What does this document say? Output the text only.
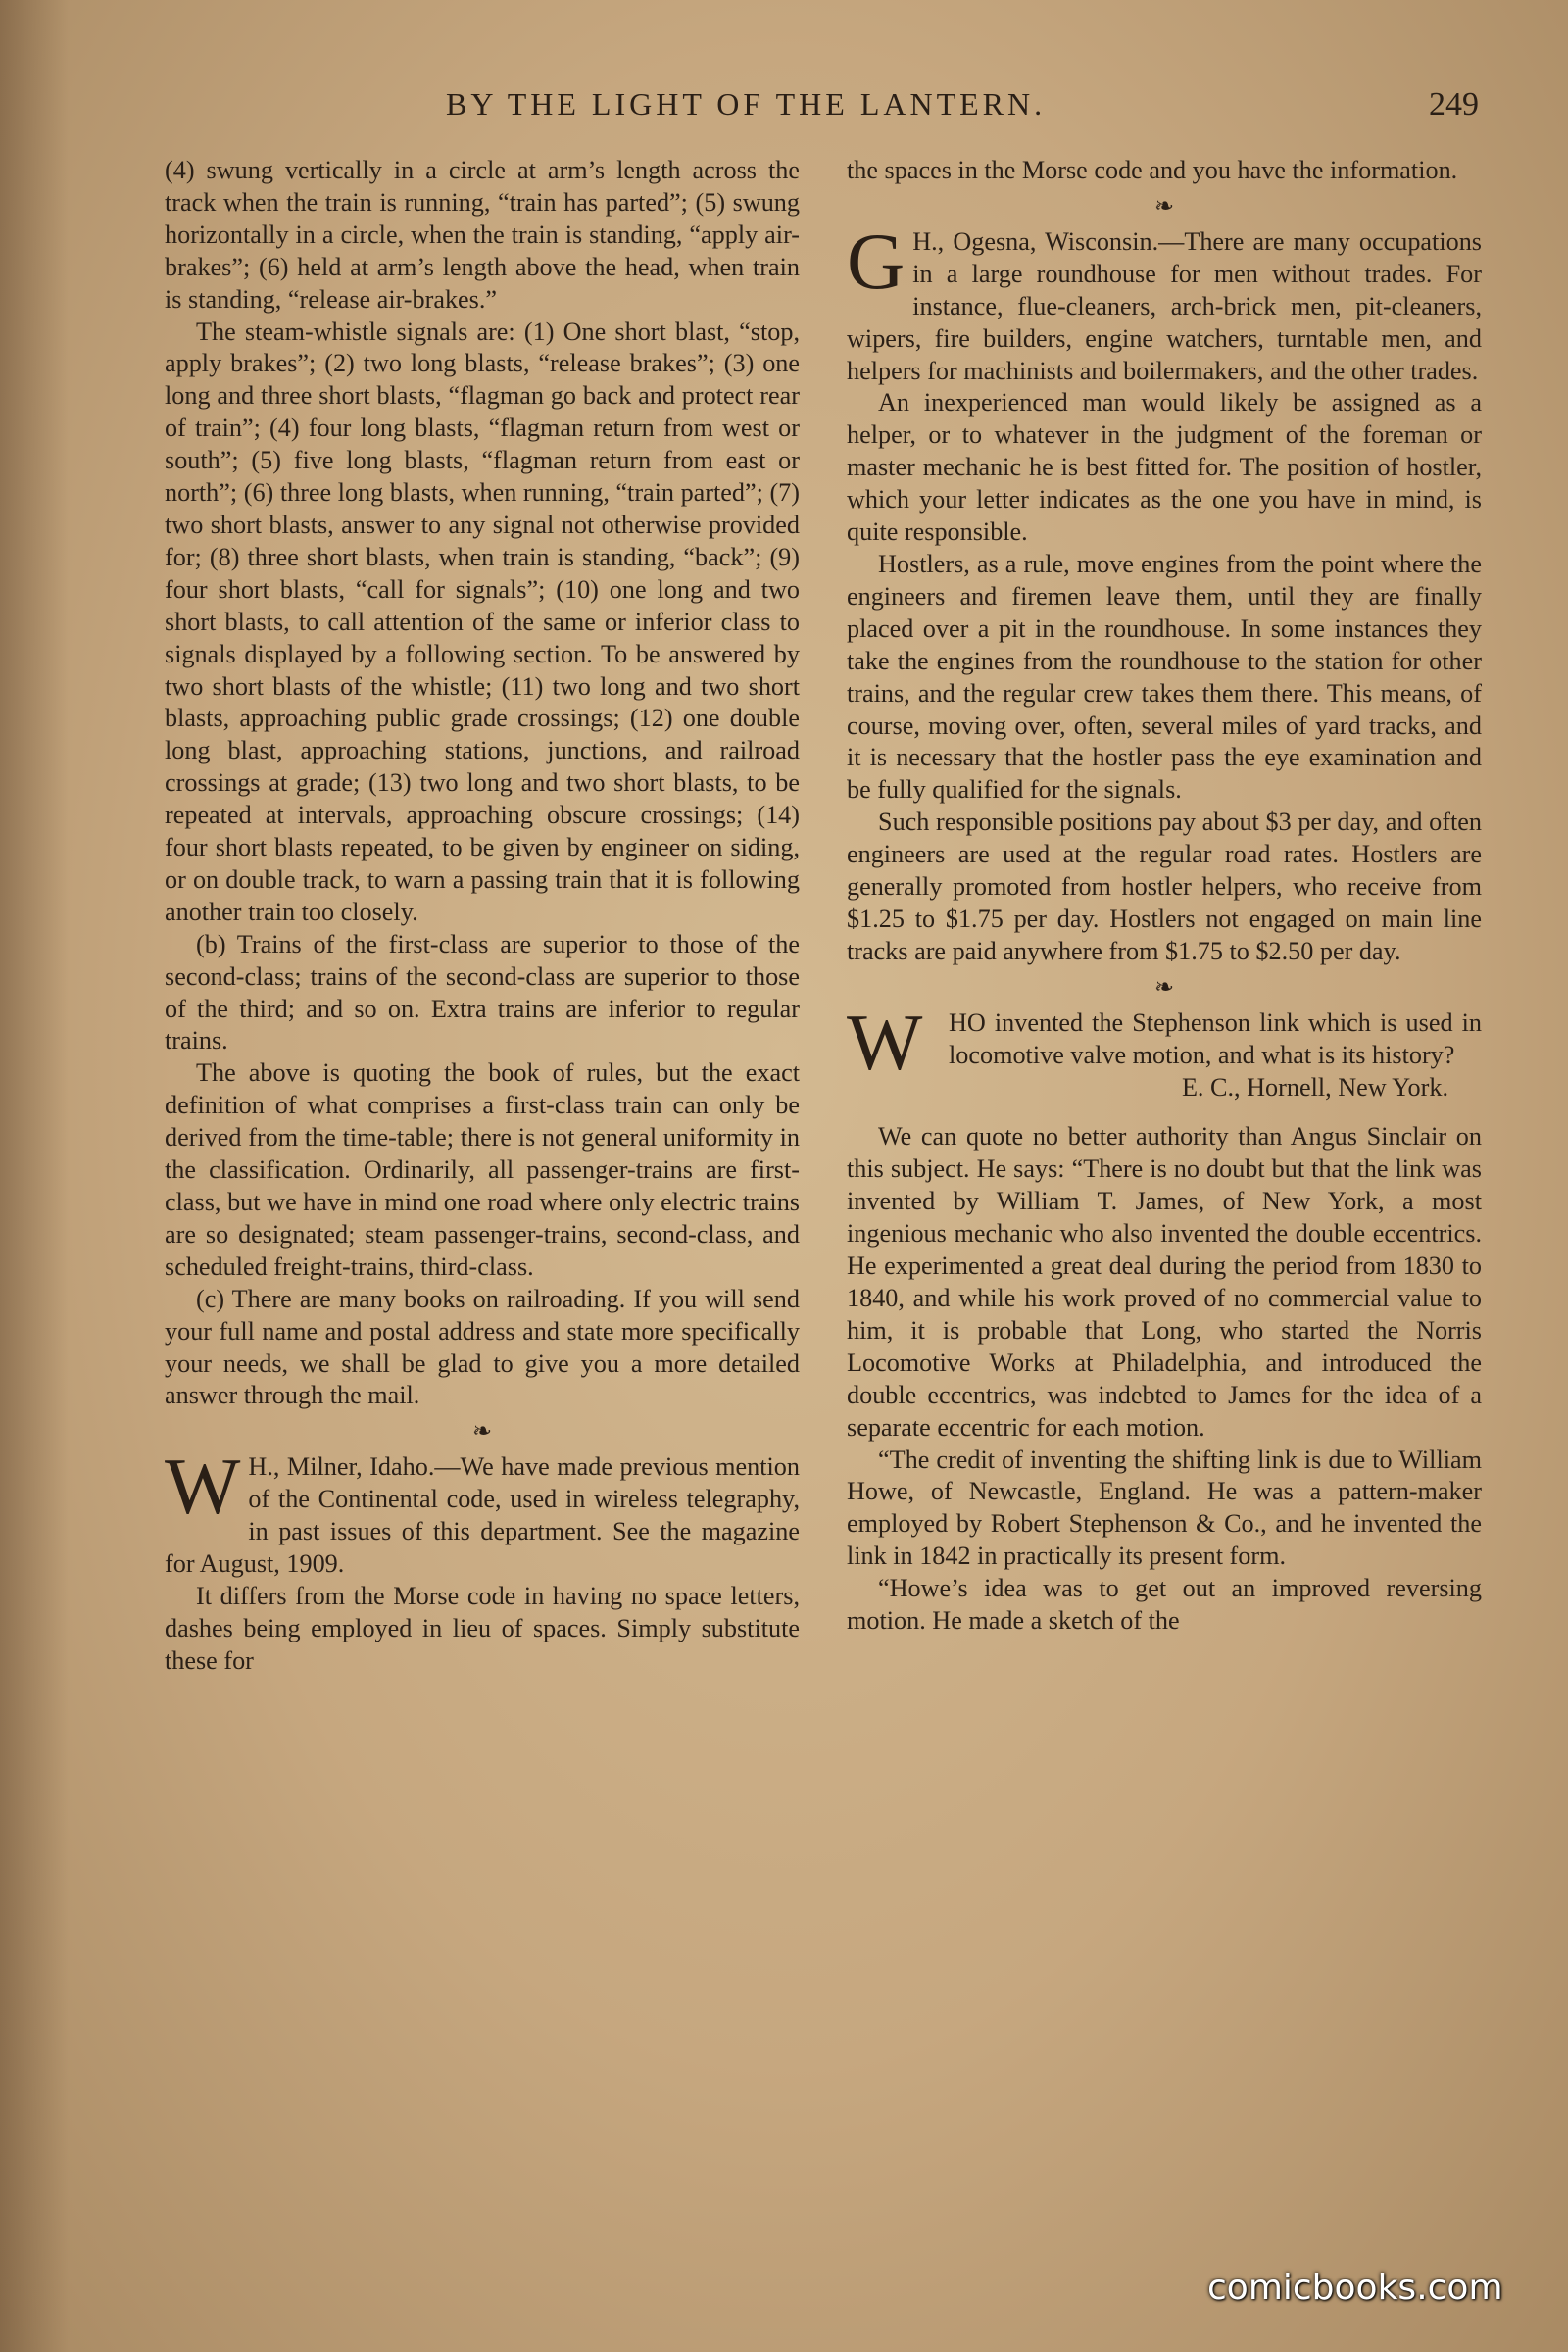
BY THE LIGHT OF THE LANTERN.	249

(4) swung vertically in a circle at arm’s length across the track when the train is running, “train has parted”; (5) swung horizontally in a circle, when the train is standing, “apply air-brakes”; (6) held at arm’s length above the head, when train is standing, “release air-brakes.”

The steam-whistle signals are: (1) One short blast, “stop, apply brakes”; (2) two long blasts, “release brakes”; (3) one long and three short blasts, “flagman go back and protect rear of train”; (4) four long blasts, “flagman return from west or south”; (5) five long blasts, “flagman return from east or north”; (6) three long blasts, when running, “train parted”; (7) two short blasts, answer to any signal not otherwise provided for; (8) three short blasts, when train is standing, “back”; (9) four short blasts, “call for signals”; (10) one long and two short blasts, to call attention of the same or inferior class to signals displayed by a following section. To be answered by two short blasts of the whistle; (11) two long and two short blasts, approaching public grade crossings; (12) one double long blast, approaching stations, junctions, and railroad crossings at grade; (13) two long and two short blasts, to be repeated at intervals, approaching obscure crossings; (14) four short blasts repeated, to be given by engineer on siding, or on double track, to warn a passing train that it is following another train too closely.

(b) Trains of the first-class are superior to those of the second-class; trains of the second-class are superior to those of the third; and so on. Extra trains are inferior to regular trains.

The above is quoting the book of rules, but the exact definition of what comprises a first-class train can only be derived from the time-table; there is not general uniformity in the classification. Ordinarily, all passenger-trains are first-class, but we have in mind one road where only electric trains are so designated; steam passenger-trains, second-class, and scheduled freight-trains, third-class.

(c) There are many books on railroading. If you will send your full name and postal address and state more specifically your needs, we shall be glad to give you a more detailed answer through the mail.

❧

W H., Milner, Idaho.—We have made previous mention of the Continental code, used in wireless telegraphy, in past issues of this department. See the magazine for August, 1909.

It differs from the Morse code in having no space letters, dashes being employed in lieu of spaces. Simply substitute these for

the spaces in the Morse code and you have the information.

❧

G H., Ogesna, Wisconsin.—There are many occupations in a large roundhouse for men without trades. For instance, flue-cleaners, arch-brick men, pit-cleaners, wipers, fire builders, engine watchers, turntable men, and helpers for machinists and boilermakers, and the other trades.

An inexperienced man would likely be assigned as a helper, or to whatever in the judgment of the foreman or master mechanic he is best fitted for. The position of hostler, which your letter indicates as the one you have in mind, is quite responsible.

Hostlers, as a rule, move engines from the point where the engineers and firemen leave them, until they are finally placed over a pit in the roundhouse. In some instances they take the engines from the roundhouse to the station for other trains, and the regular crew takes them there. This means, of course, moving over, often, several miles of yard tracks, and it is necessary that the hostler pass the eye examination and be fully qualified for the signals.

Such responsible positions pay about $3 per day, and often engineers are used at the regular road rates. Hostlers are generally promoted from hostler helpers, who receive from $1.25 to $1.75 per day. Hostlers not engaged on main line tracks are paid anywhere from $1.75 to $2.50 per day.

❧
W	HO invented the Stephenson link which is used in locomotive valve motion, and what is its history?
E. C., Hornell, New York.

We can quote no better authority than Angus Sinclair on this subject. He says: “There is no doubt but that the link was invented by William T. James, of New York, a most ingenious mechanic who also invented the double eccentrics. He experimented a great deal during the period from 1830 to 1840, and while his work proved of no commercial value to him, it is probable that Long, who started the Norris Locomotive Works at Philadelphia, and introduced the double eccentrics, was indebted to James for the idea of a separate eccentric for each motion.

“The credit of inventing the shifting link is due to William Howe, of Newcastle, England. He was a pattern-maker employed by Robert Stephenson & Co., and he invented the link in 1842 in practically its present form.

“Howe’s idea was to get out an improved reversing motion. He made a sketch of the

comicbooks.com
